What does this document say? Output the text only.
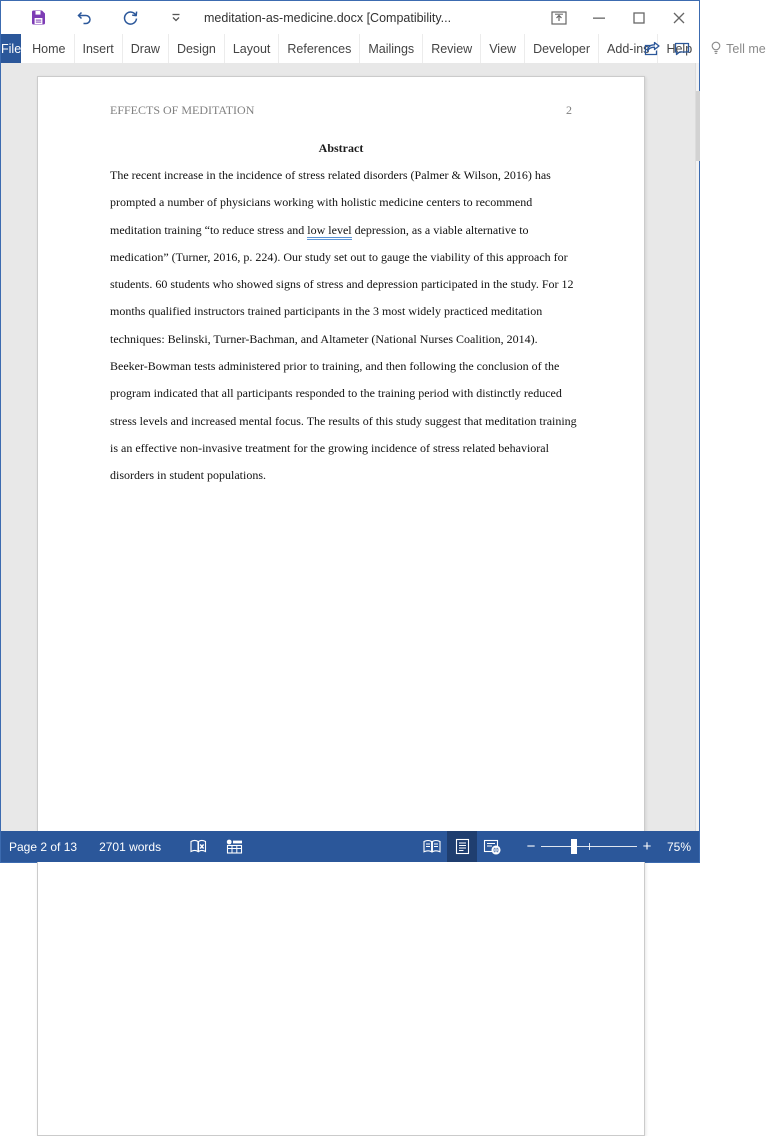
meditation-as-medicine.docx [Compatibility...
File Home	Insert	Draw	Design	Layout	References	Mailings	Review	View	Developer	Add-ins	Help	Tell me
EFFECTS OF MEDITATION	2
Abstract
The recent increase in the incidence of stress related disorders (Palmer & Wilson, 2016) has
prompted a number of physicians working with holistic medicine centers to recommend
meditation training “to reduce stress and low level depression, as a viable alternative to
medication” (Turner, 2016, p. 224). Our study set out to gauge the viability of this approach for
students. 60 students who showed signs of stress and depression participated in the study. For 12
months qualified instructors trained participants in the 3 most widely practiced meditation
techniques: Belinski, Turner-Bachman, and Altameter (National Nurses Coalition, 2014).
Beeker-Bowman tests administered prior to training, and then following the conclusion of the
program indicated that all participants responded to the training period with distinctly reduced
stress levels and increased mental focus. The results of this study suggest that meditation training
is an effective non-invasive treatment for the growing incidence of stress related behavioral
disorders in student populations.
Page 2 of 13 2701 words	−	+	75%
